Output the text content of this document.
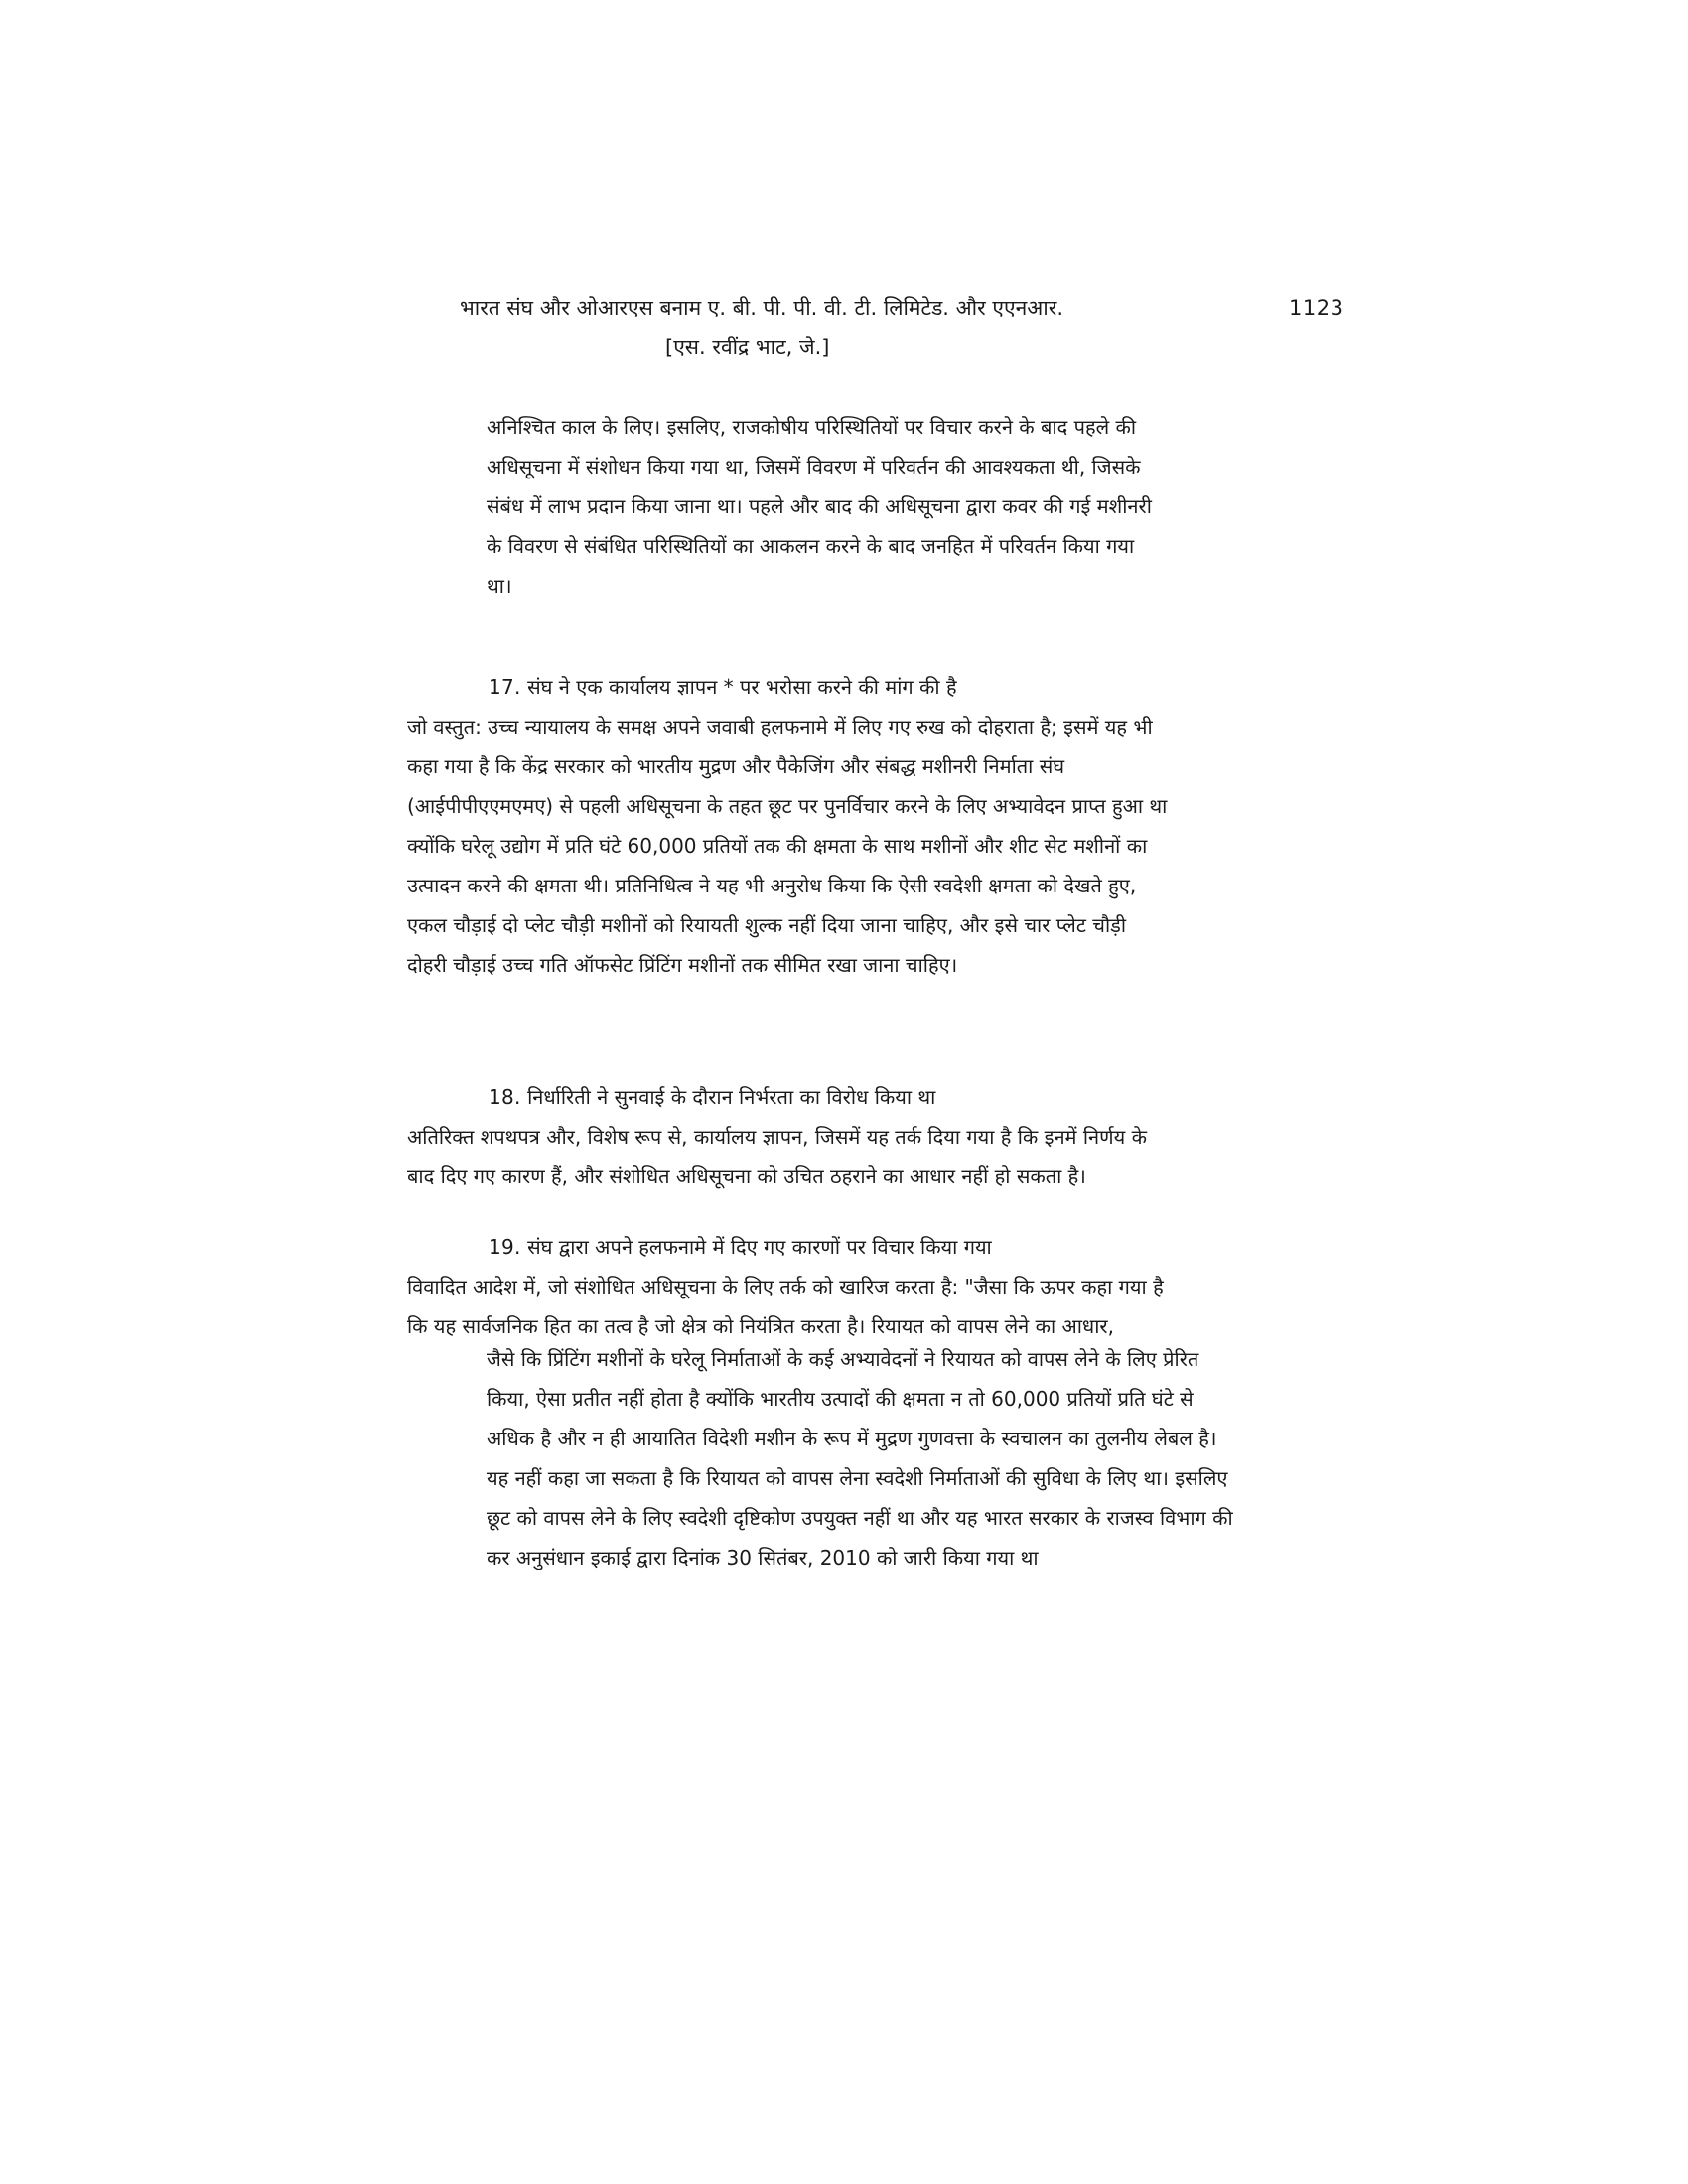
भारत संघ और ओआरएस बनाम ए. बी. पी. पी. वी. टी. लिमिटेड. और एएनआर.	1123
[एस. रवींद्र भाट, जे.]

अनिश्चित काल के लिए। इसलिए, राजकोषीय परिस्थितियों पर विचार करने के बाद पहले की

अधिसूचना में संशोधन किया गया था, जिसमें विवरण में परिवर्तन की आवश्यकता थी, जिसके

संबंध में लाभ प्रदान किया जाना था। पहले और बाद की अधिसूचना द्वारा कवर की गई मशीनरी

के विवरण से संबंधित परिस्थितियों का आकलन करने के बाद जनहित में परिवर्तन किया गया

था।

17. संघ ने एक कार्यालय ज्ञापन * पर भरोसा करने की मांग की है

जो वस्तुत: उच्च न्यायालय के समक्ष अपने जवाबी हलफनामे में लिए गए रुख को दोहराता है; इसमें यह भी

कहा गया है कि केंद्र सरकार को भारतीय मुद्रण और पैकेजिंग और संबद्ध मशीनरी निर्माता संघ

(आईपीपीएएमएमए) से पहली अधिसूचना के तहत छूट पर पुनर्विचार करने के लिए अभ्यावेदन प्राप्त हुआ था

क्योंकि घरेलू उद्योग में प्रति घंटे 60,000 प्रतियों तक की क्षमता के साथ मशीनों और शीट सेट मशीनों का

उत्पादन करने की क्षमता थी। प्रतिनिधित्व ने यह भी अनुरोध किया कि ऐसी स्वदेशी क्षमता को देखते हुए,

एकल चौड़ाई दो प्लेट चौड़ी मशीनों को रियायती शुल्क नहीं दिया जाना चाहिए, और इसे चार प्लेट चौड़ी

दोहरी चौड़ाई उच्च गति ऑफसेट प्रिंटिंग मशीनों तक सीमित रखा जाना चाहिए।

18. निर्धारिती ने सुनवाई के दौरान निर्भरता का विरोध किया था

अतिरिक्त शपथपत्र और, विशेष रूप से, कार्यालय ज्ञापन, जिसमें यह तर्क दिया गया है कि इनमें निर्णय के

बाद दिए गए कारण हैं, और संशोधित अधिसूचना को उचित ठहराने का आधार नहीं हो सकता है।

19. संघ द्वारा अपने हलफनामे में दिए गए कारणों पर विचार किया गया

विवादित आदेश में, जो संशोधित अधिसूचना के लिए तर्क को खारिज करता है: "जैसा कि ऊपर कहा गया है

कि यह सार्वजनिक हित का तत्व है जो क्षेत्र को नियंत्रित करता है। रियायत को वापस लेने का आधार,

जैसे कि प्रिंटिंग मशीनों के घरेलू निर्माताओं के कई अभ्यावेदनों ने रियायत को वापस लेने के लिए प्रेरित

किया, ऐसा प्रतीत नहीं होता है क्योंकि भारतीय उत्पादों की क्षमता न तो 60,000 प्रतियों प्रति घंटे से

अधिक है और न ही आयातित विदेशी मशीन के रूप में मुद्रण गुणवत्ता के स्वचालन का तुलनीय लेबल है।

यह नहीं कहा जा सकता है कि रियायत को वापस लेना स्वदेशी निर्माताओं की सुविधा के लिए था। इसलिए

छूट को वापस लेने के लिए स्वदेशी दृष्टिकोण उपयुक्त नहीं था और यह भारत सरकार के राजस्व विभाग की

कर अनुसंधान इकाई द्वारा दिनांक 30 सितंबर, 2010 को जारी किया गया था
